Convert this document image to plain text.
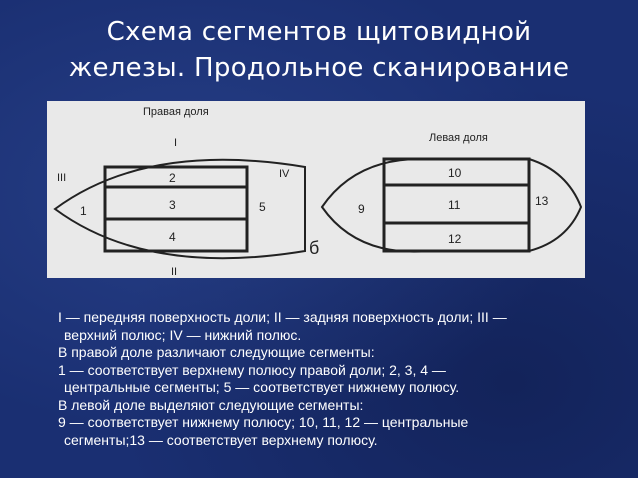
Схема сегментов щитовидной
железы. Продольное сканирование
Правая доля
I
II
III	IV
1
2
3
4
5
Левая доля
9
10
11
12
13
б

I — передняя поверхность доли; II — задняя поверхность доли; III —

верхний полюс; IV — нижний полюс.

В правой доле различают следующие сегменты:

1 — соответствует верхнему полюсу правой доли; 2, 3, 4 —

центральные сегменты; 5 — соответствует нижнему полюсу.

В левой доле выделяют следующие сегменты:

9 — соответствует нижнему полюсу; 10, 11, 12 — центральные

сегменты;13 — соответствует верхнему полюсу.
